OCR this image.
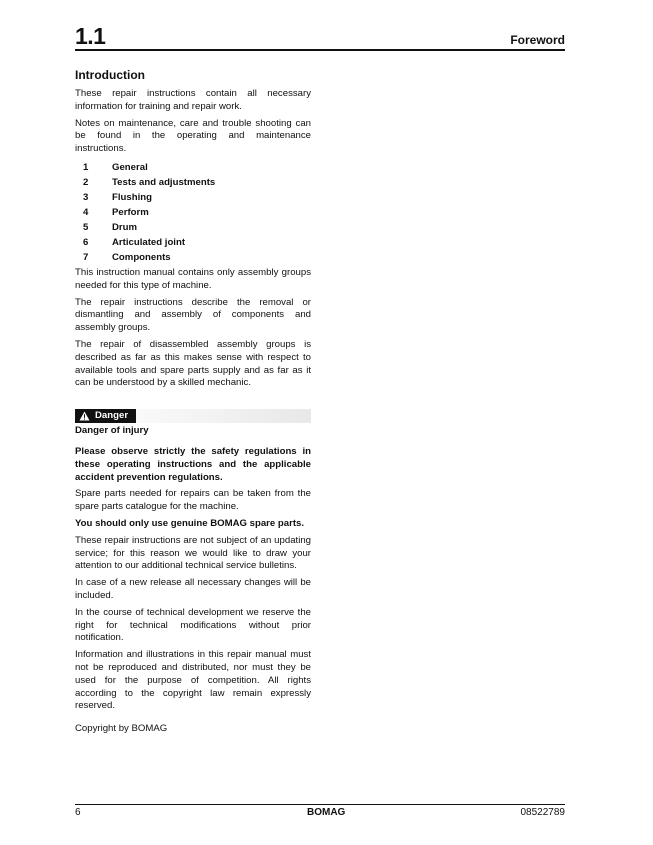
1.1	Foreword
Introduction

These repair instructions contain all necessary information for training and repair work.

Notes on maintenance, care and trouble shooting can be found in the operating and maintenance instructions.

1	General
2	Tests and adjustments
3	Flushing
4	Perform
5	Drum
6	Articulated joint
7	Components

This instruction manual contains only assembly groups needed for this type of machine.

The repair instructions describe the removal or dismantling and assembly of components and assembly groups.

The repair of disassembled assembly groups is described as far as this makes sense with respect to available tools and spare parts supply and as far as it can be understood by a skilled mechanic.

Danger

Danger of injury

Please observe strictly the safety regulations in these operating instructions and the applicable accident prevention regulations.

Spare parts needed for repairs can be taken from the spare parts catalogue for the machine.

You should only use genuine BOMAG spare parts.

These repair instructions are not subject of an updating service; for this reason we would like to draw your attention to our additional technical service bulletins.

In case of a new release all necessary changes will be included.

In the course of technical development we reserve the right for technical modifications without prior notification.

Information and illustrations in this repair manual must not be reproduced and distributed, nor must they be used for the purpose of competition. All rights according to the copyright law remain expressly reserved.

Copyright by BOMAG

6	BOMAG	08522789
